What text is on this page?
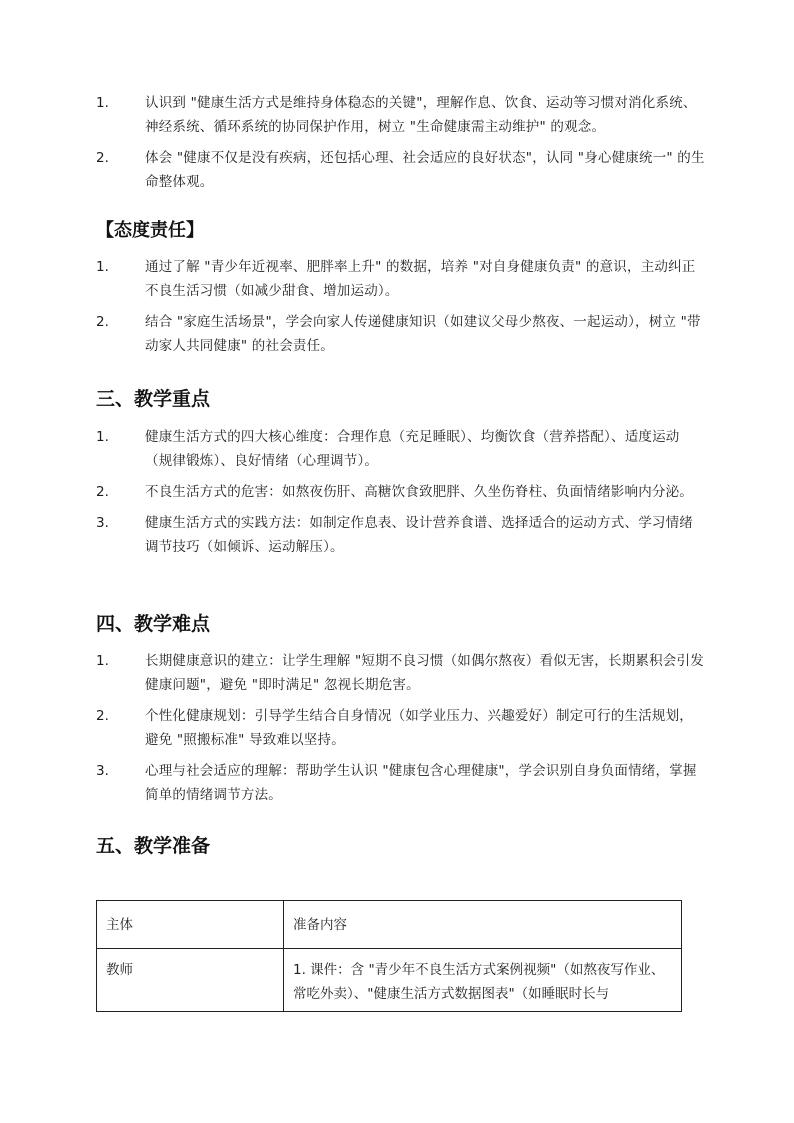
1.	认识到 "健康生活方式是维持身体稳态的关键"，理解作息、饮食、运动等习惯对消化系统、神经系统、循环系统的协同保护作用，树立 "生命健康需主动维护" 的观念。
2.	体会 "健康不仅是没有疾病，还包括心理、社会适应的良好状态"，认同 "身心健康统一" 的生命整体观。
【态度责任】
1.	通过了解 "青少年近视率、肥胖率上升" 的数据，培养 "对自身健康负责" 的意识，主动纠正不良生活习惯（如减少甜食、增加运动）。
2.	结合 "家庭生活场景"，学会向家人传递健康知识（如建议父母少熬夜、一起运动），树立 "带动家人共同健康" 的社会责任。
三、教学重点
1.	健康生活方式的四大核心维度：合理作息（充足睡眠）、均衡饮食（营养搭配）、适度运动（规律锻炼）、良好情绪（心理调节）。
2.	不良生活方式的危害：如熬夜伤肝、高糖饮食致肥胖、久坐伤脊柱、负面情绪影响内分泌。
3.	健康生活方式的实践方法：如制定作息表、设计营养食谱、选择适合的运动方式、学习情绪调节技巧（如倾诉、运动解压）。
四、教学难点
1.	长期健康意识的建立：让学生理解 "短期不良习惯（如偶尔熬夜）看似无害，长期累积会引发健康问题"，避免 "即时满足" 忽视长期危害。
2.	个性化健康规划：引导学生结合自身情况（如学业压力、兴趣爱好）制定可行的生活规划，避免 "照搬标准" 导致难以坚持。
3.	心理与社会适应的理解：帮助学生认识 "健康包含心理健康"，学会识别自身负面情绪，掌握简单的情绪调节方法。
五、教学准备
主体	准备内容
教师	1. 课件：含 "青少年不良生活方式案例视频"（如熬夜写作业、常吃外卖）、"健康生活方式数据图表"（如睡眠时长与
